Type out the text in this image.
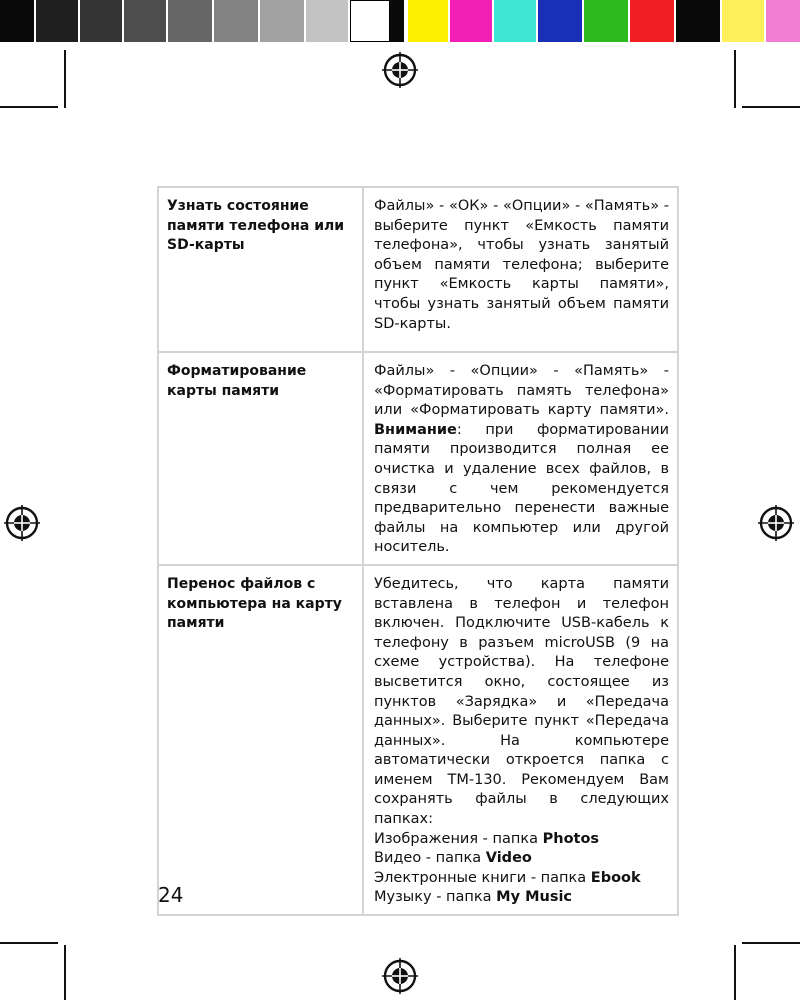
Узнать состояние памяти телефона или SD-карты	Файлы» - «ОК» - «Опции» - «Память» - выберите пункт «Емкость памяти телефона», чтобы узнать занятый объем памяти телефона; выберите пункт «Емкость карты памяти», чтобы узнать занятый объем памяти SD-карты.
Форматирование карты памяти	Файлы» - «Опции» - «Память» - «Форматировать память телефона» или «Форматировать карту памяти». Внимание: при форматировании памяти производится полная ее очистка и удаление всех файлов, в связи с чем рекомендуется предварительно перенести важные файлы на компьютер или другой носитель.
Перенос файлов с компьютера на карту памяти	Убедитесь, что карта памяти вставлена в телефон и телефон включен. Подключите USB-кабель к телефону в разъем microUSB (9 на схеме устройства). На телефоне высветится окно, состоящее из пунктов «Зарядка» и «Передача данных». Выберите пункт «Передача данных». На компьютере автоматически откроется папка с именем TM-130. Рекомендуем Вам сохранять файлы в следующих папках:
Изображения - папка Photos
Видео - папка Video
Электронные книги - папка Ebook
Музыку - папка My Music
24
